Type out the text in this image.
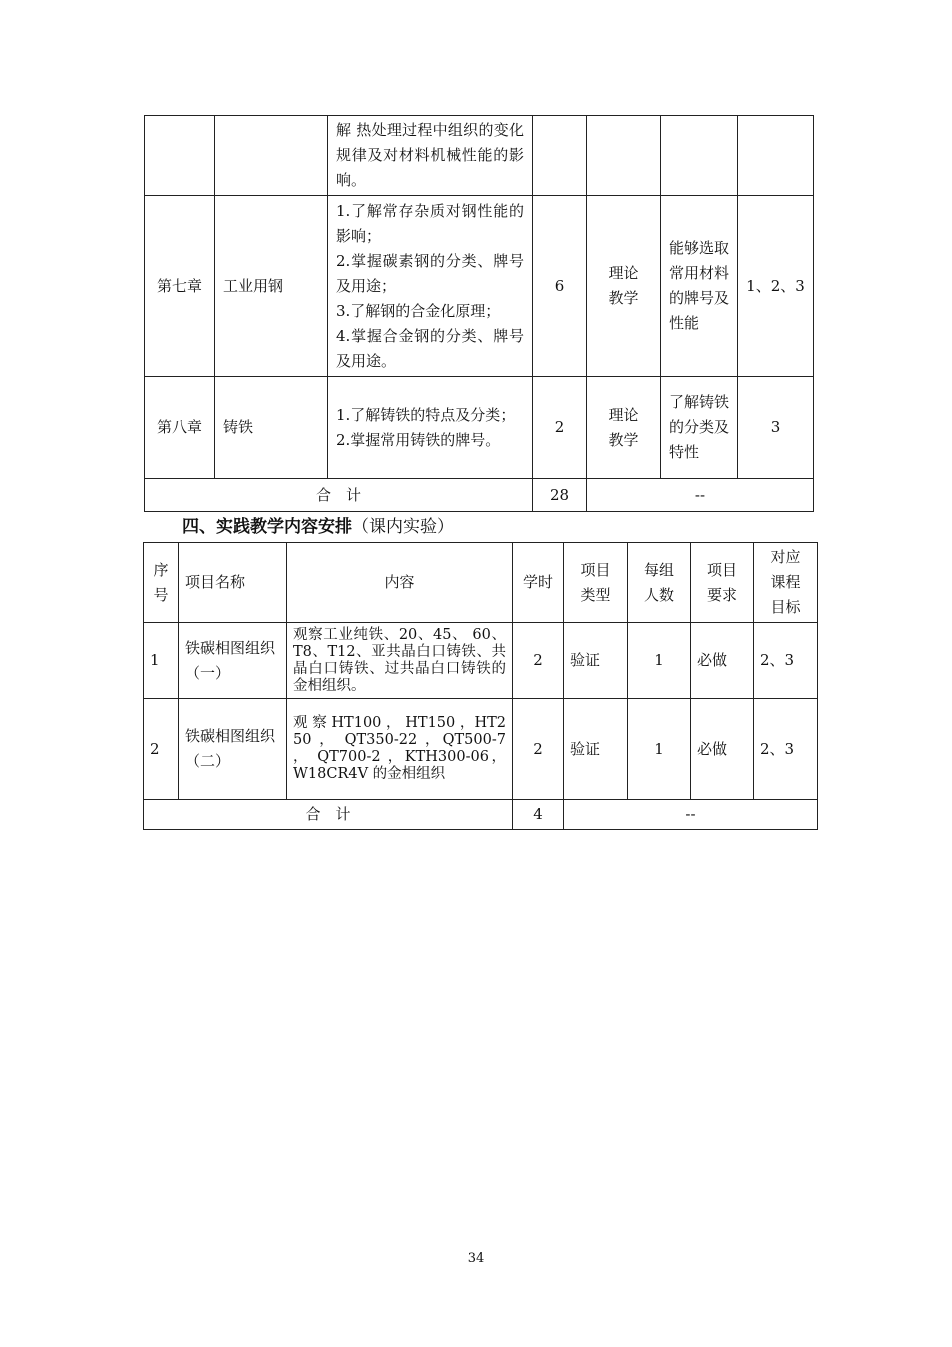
		解 热处理过程中组织的变化规律及对材料机械性能的影响。				
第七章	工业用钢	1.了解常存杂质对钢性能的影响；
2.掌握碳素钢的分类、牌号及用途；
3.了解钢的合金化原理；
4.掌握合金钢的分类、牌号及用途。	6	理论教学	能够选取常用材料的牌号及性能	1、2、3
第八章	铸铁	1.了解铸铁的特点及分类；
2.掌握常用铸铁的牌号。	2	理论教学	了解铸铁的分类及特性	3
合　计			28	--		
四、实践教学内容安排（课内实验）
序号	项目名称	内容	学时	项目类型	每组人数	项目要求	对应课程目标

1	铁碳相图组织（一）	观察工业纯铁、20、45、 60、T8、T12、亚共晶白口铸铁、共晶白口铸铁、过共晶白口铸铁的金相组织。	2	验证	1	必做	2、3
2	铁碳相图组织（二）	观 察 HT100 ， HT150 ，HT250 ， QT350-22 ，QT500-7 ， QT700-2 ，KTH300-06，W18CR4V 的金相组织	2	验证	1	必做	2、3
合　计			4	--			
34
